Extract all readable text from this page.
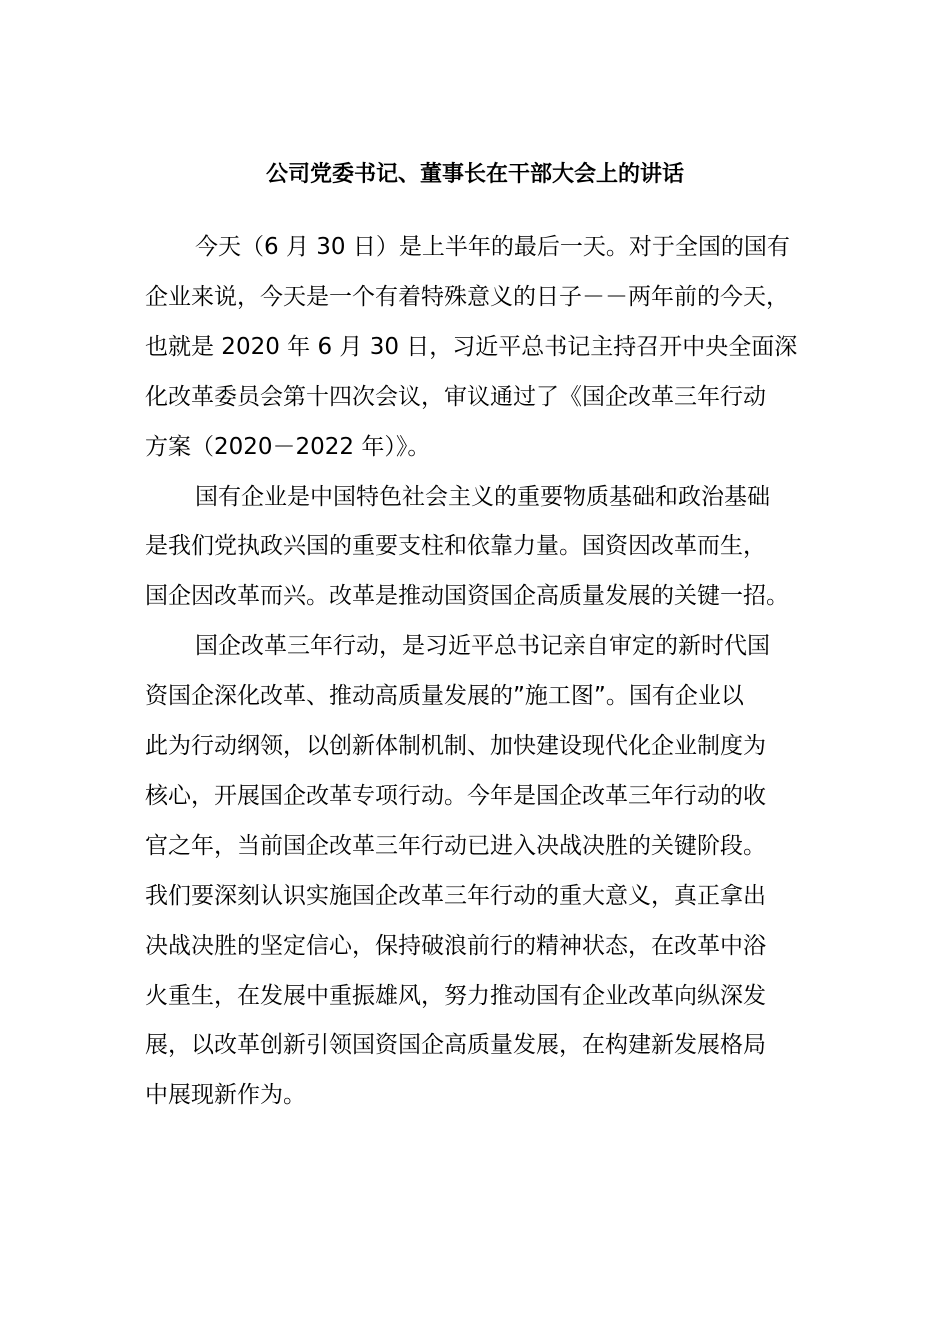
公司党委书记、董事长在干部大会上的讲话

今天（6 月 30 日）是上半年的最后一天。对于全国的国有

企业来说，今天是一个有着特殊意义的日子－－两年前的今天，

也就是 2020 年 6 月 30 日，习近平总书记主持召开中央全面深

化改革委员会第十四次会议，审议通过了《国企改革三年行动

方案（2020－2022 年）》。

国有企业是中国特色社会主义的重要物质基础和政治基础

是我们党执政兴国的重要支柱和依靠力量。国资因改革而生，

国企因改革而兴。改革是推动国资国企高质量发展的关键一招。

国企改革三年行动，是习近平总书记亲自审定的新时代国

资国企深化改革、推动高质量发展的”施工图”。国有企业以

此为行动纲领，以创新体制机制、加快建设现代化企业制度为

核心，开展国企改革专项行动。今年是国企改革三年行动的收

官之年，当前国企改革三年行动已进入决战决胜的关键阶段。

我们要深刻认识实施国企改革三年行动的重大意义，真正拿出

决战决胜的坚定信心，保持破浪前行的精神状态，在改革中浴

火重生，在发展中重振雄风，努力推动国有企业改革向纵深发

展，以改革创新引领国资国企高质量发展，在构建新发展格局

中展现新作为。
